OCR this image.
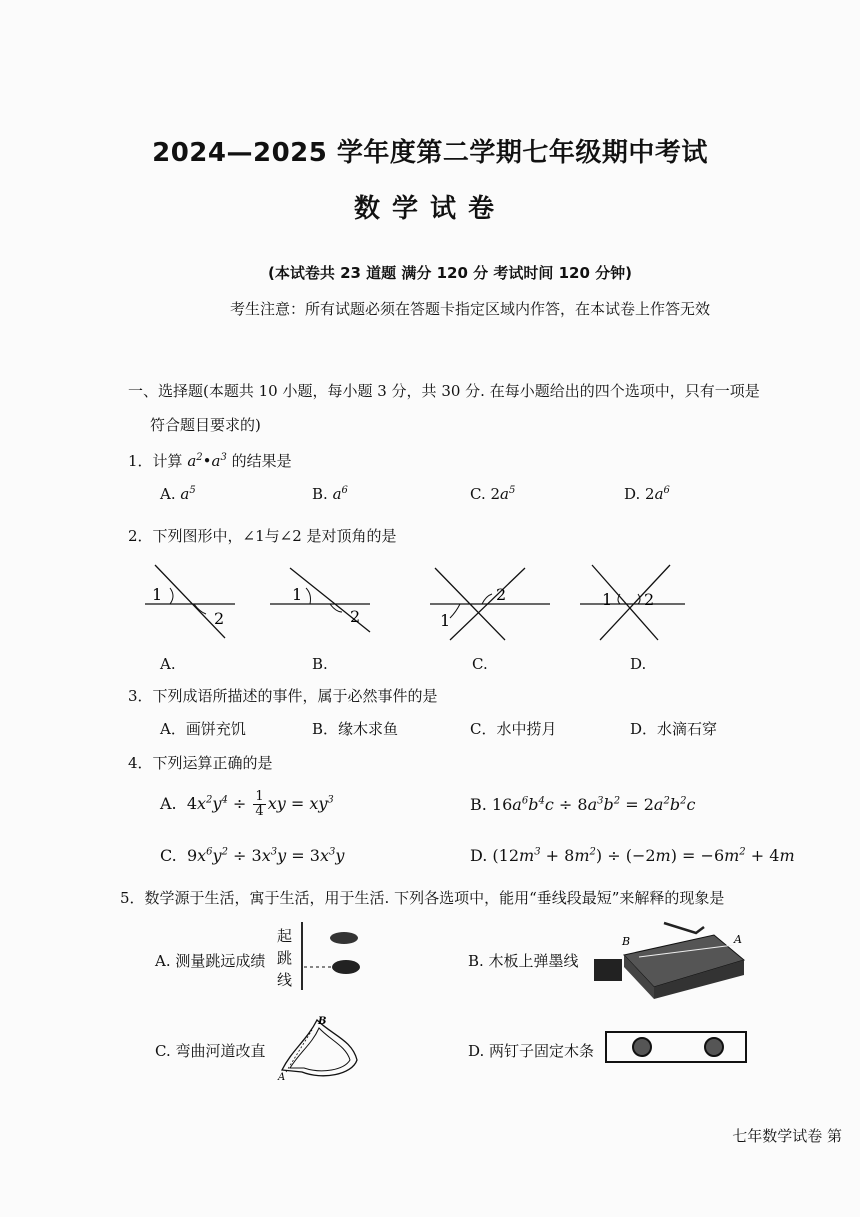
2024—2025 学年度第二学期七年级期中考试
数学试卷
(本试卷共 23 道题 满分 120 分 考试时间 120 分钟)
考生注意：所有试题必须在答题卡指定区域内作答，在本试卷上作答无效
一、选择题(本题共 10 小题，每小题 3 分，共 30 分. 在每小题给出的四个选项中，只有一项是
符合题目要求的)
1．计算 $a^2•a^3$ 的结果是
A. $a^5$	B. $a^6$	C. $2a^5$	D. $2a^6$
2．下列图形中，∠1与∠2 是对顶角的是
1
2
1
2	1
2	1 2
A.	B.	C.	D.
3．下列成语所描述的事件，属于必然事件的是
A．画饼充饥	B．缘木求鱼	C．水中捞月	D．水滴石穿
4．下列运算正确的是
A.  $4x^2y^4 \div \frac{1}{4}$ xy = $xy^3$	B. $16a^6b^4c \div 8a^3b^2 = 2a^2b^2c$
C.  $9x^6y^2 \div 3x^3y = 3x^3y$	D. $(12m^3 + 8m^2) \div (-2m) = -6m^2 + 4m$
5．数学源于生活，寓于生活，用于生活. 下列各选项中，能用“垂线段最短”来解释的现象是
A. 测量跳远成绩
起
跳
线
B. 木板上弹墨线
B	A
C. 弯曲河道改直
B
A
D. 两钉子固定木条
七年数学试卷 第
